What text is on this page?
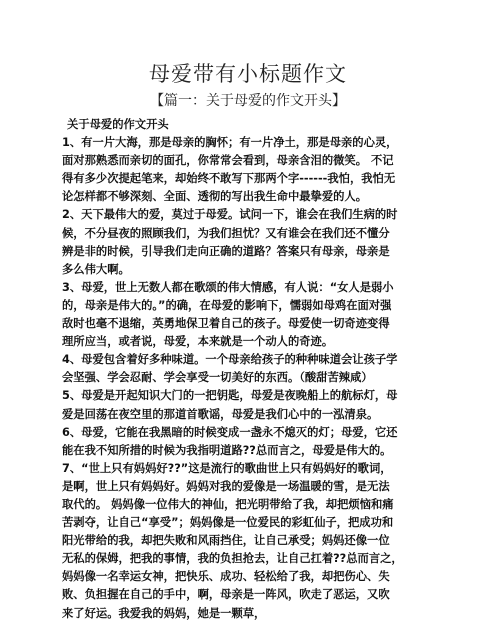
母爱带有小标题作文
【篇一：关于母爱的作文开头】
关于母爱的作文开头
1、有一片大海，那是母亲的胸怀；有一片净土，那是母亲的心灵，
面对那熟悉而亲切的面孔，你常常会看到，母亲含泪的微笑。 不记
得有多少次提起笔来，却始终不敢写下那两个字------我怕，我怕无
论怎样都不够深刻、全面、透彻的写出我生命中最挚爱的人。
2、天下最伟大的爱，莫过于母爱。试问一下，谁会在我们生病的时
候，不分昼夜的照顾我们，为我们担忧？又有谁会在我们还不懂分
辨是非的时候，引导我们走向正确的道路？答案只有母亲，母亲是
多么伟大啊。
3、母爱，世上无数人都在歌颂的伟大情感，有人说：“女人是弱小
的，母亲是伟大的。”的确，在母爱的影响下，懦弱如母鸡在面对强
敌时也毫不退缩，英勇地保卫着自己的孩子。母爱使一切奇迹变得
理所应当，或者说，母爱，本来就是一个动人的奇迹。
4、母爱包含着好多种味道。一个母亲给孩子的种种味道会让孩子学
会坚强、学会忍耐、学会享受一切美好的东西。（酸甜苦辣咸）
5、母爱是开起知识大门的一把钥匙，母爱是夜晚船上的航标灯，母
爱是回荡在夜空里的那道首歌谣，母爱是我们心中的一泓清泉。
6、母爱，它能在我黑暗的时候变成一盏永不熄灭的灯；母爱，它还
能在我不知所措的时候为我指明道路??总而言之，母爱是伟大的。
7、“世上只有妈妈好??”这是流行的歌曲世上只有妈妈好的歌词，
是啊，世上只有妈妈好。妈妈对我的爱像是一场温暖的雪，是无法
取代的。 妈妈像一位伟大的神仙，把光明带给了我，却把烦恼和痛
苦剥夺，让自己“享受”；妈妈像是一位爱民的彩虹仙子，把成功和
阳光带给的我，却把失败和风雨挡住，让自己承受；妈妈还像一位
无私的保姆，把我的事情，我的负担抢去，让自己扛着??总而言之，
妈妈像一名幸运女神，把快乐、成功、轻松给了我，却把伤心、失
败、负担握在自己的手中，啊，母亲是一阵风，吹走了恶运，又吹
来了好运。我爱我的妈妈，她是一颗草，
